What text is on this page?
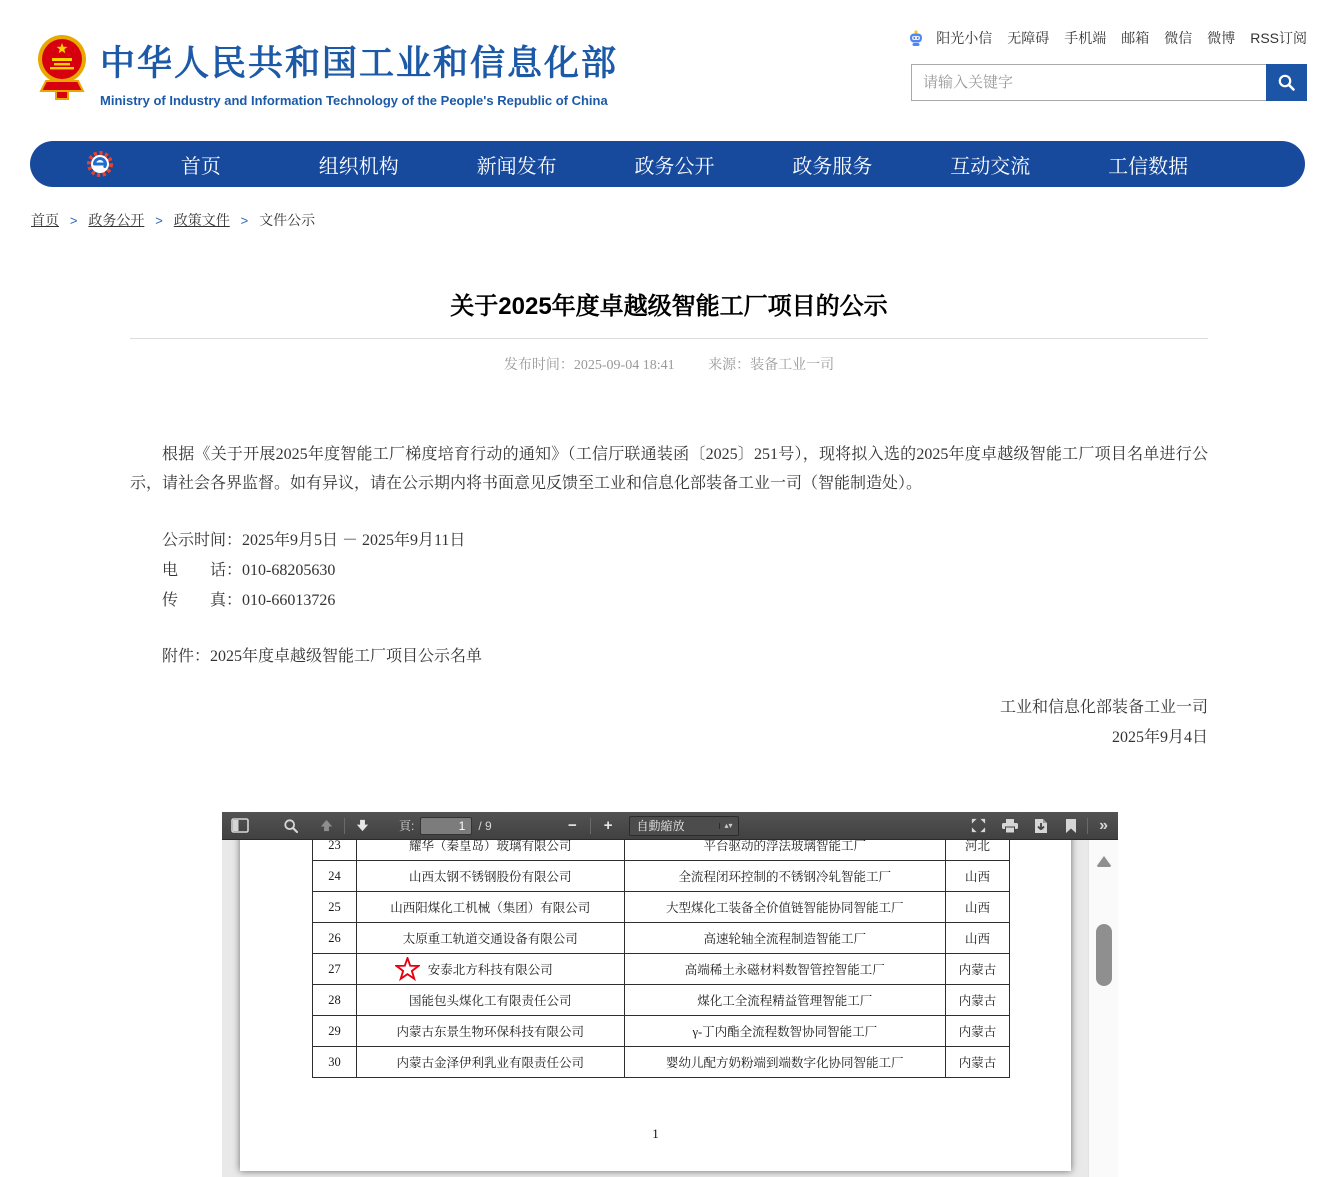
中华人民共和国工业和信息化部
Ministry of Industry and Information Technology of the People's Republic of China
阳光小信 无障碍 手机端 邮箱 微信 微博 RSS订阅
请输入关键字
首页	组织机构	新闻发布	政务公开	政务服务	互动交流	工信数据
首页 > 政务公开 > 政策文件 > 文件公示
关于2025年度卓越级智能工厂项目的公示
发布时间：2025-09-04 18:41 来源：装备工业一司
根据《关于开展2025年度智能工厂梯度培育行动的通知》（工信厅联通装函〔2025〕251号），现将拟入选的2025年度卓越级智能工厂项目名单进行公示，请社会各界监督。如有异议，请在公示期内将书面意见反馈至工业和信息化部装备工业一司（智能制造处）。
公示时间：2025年9月5日 － 2025年9月11日
电　　话：010-68205630
传　　真：010-66013726
附件：2025年度卓越级智能工厂项目公示名单
工业和信息化部装备工业一司
2025年9月4日
頁:
1	/ 9	−	+	自動縮放	▴▾	»
23	耀华（秦皇岛）玻璃有限公司	平台驱动的浮法玻璃智能工厂	河北
24	山西太钢不锈钢股份有限公司	全流程闭环控制的不锈钢冷轧智能工厂	山西
25	山西阳煤化工机械（集团）有限公司	大型煤化工装备全价值链智能协同智能工厂	山西
26	太原重工轨道交通设备有限公司	高速轮轴全流程制造智能工厂	山西
27	安泰北方科技有限公司	高端稀土永磁材料数智管控智能工厂	内蒙古
28	国能包头煤化工有限责任公司	煤化工全流程精益管理智能工厂	内蒙古
29	内蒙古东景生物环保科技有限公司	γ-丁内酯全流程数智协同智能工厂	内蒙古
30	内蒙古金泽伊利乳业有限责任公司	婴幼儿配方奶粉端到端数字化协同智能工厂	内蒙古
1
